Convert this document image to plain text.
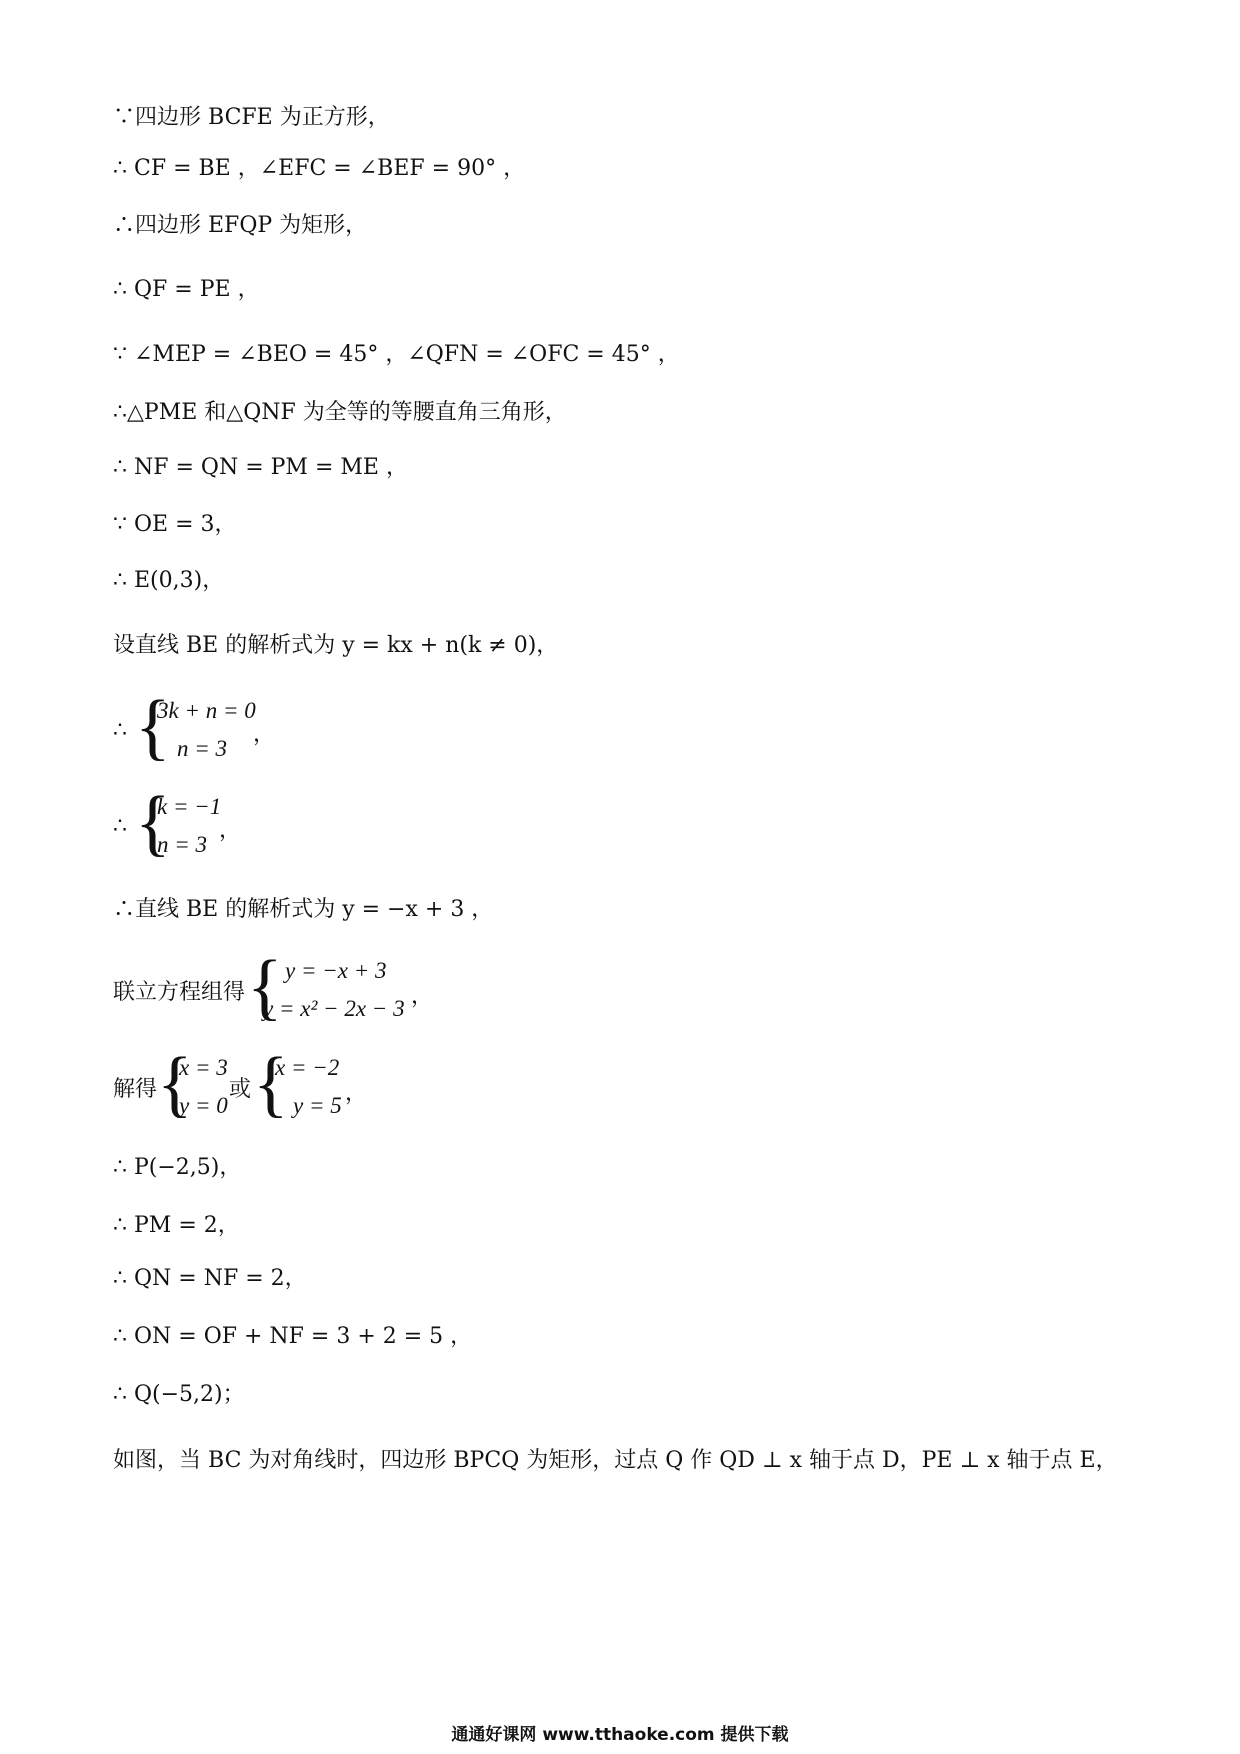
∵四边形 BCFE 为正方形，
∴ CF = BE ，∠EFC = ∠BEF = 90° ，
∴四边形 EFQP 为矩形，
∴ QF = PE ，
∵ ∠MEP = ∠BEO = 45° ，∠QFN = ∠OFC = 45° ，
∴△PME 和△QNF 为全等的等腰直角三角形，
∴ NF = QN = PM = ME ，
∵ OE = 3，
∴ E(0,3)，
设直线 BE 的解析式为 y = kx + n(k ≠ 0)，
∴ {
3k + n = 0
n = 3
，
∴ {
k = −1
n = 3
，
∴直线 BE 的解析式为 y = −x + 3 ，
联立方程组得 { y = −x + 3
y = x² − 2x − 3 ，
解得 {
x = 3
y = 0
或 {
x = −2
y = 5 ，
∴ P(−2,5)，
∴ PM = 2，
∴ QN = NF = 2，
∴ ON = OF + NF = 3 + 2 = 5 ，
∴ Q(−5,2)；
如图，当 BC 为对角线时，四边形 BPCQ 为矩形，过点 Q 作 QD ⊥ x 轴于点 D，PE ⊥ x 轴于点 E，
通通好课网 www.tthaoke.com 提供下载
